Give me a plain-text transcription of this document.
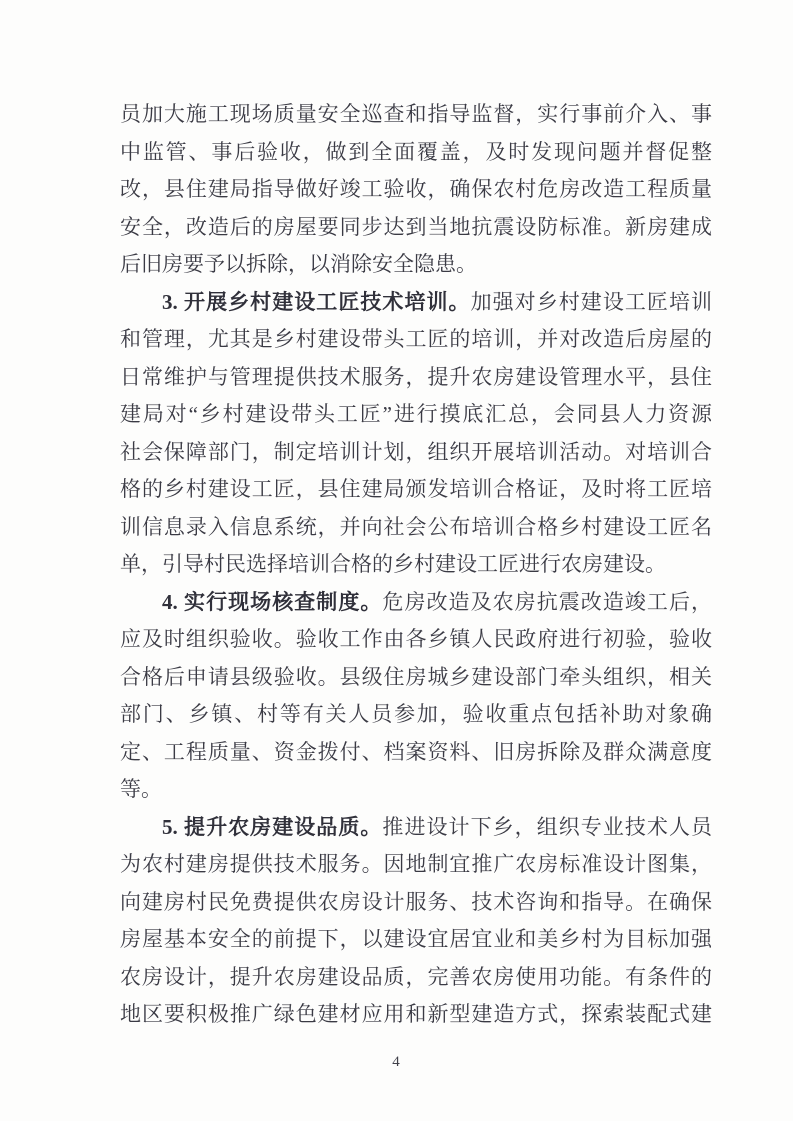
员加大施工现场质量安全巡查和指导监督，实行事前介入、事
中监管、事后验收，做到全面覆盖，及时发现问题并督促整
改，县住建局指导做好竣工验收，确保农村危房改造工程质量
安全，改造后的房屋要同步达到当地抗震设防标准。新房建成
后旧房要予以拆除，以消除安全隐患。
3. 开展乡村建设工匠技术培训。加强对乡村建设工匠培训
和管理，尤其是乡村建设带头工匠的培训，并对改造后房屋的
日常维护与管理提供技术服务，提升农房建设管理水平，县住
建局对“乡村建设带头工匠”进行摸底汇总，会同县人力资源
社会保障部门，制定培训计划，组织开展培训活动。对培训合
格的乡村建设工匠，县住建局颁发培训合格证，及时将工匠培
训信息录入信息系统，并向社会公布培训合格乡村建设工匠名
单，引导村民选择培训合格的乡村建设工匠进行农房建设。
4. 实行现场核查制度。危房改造及农房抗震改造竣工后，
应及时组织验收。验收工作由各乡镇人民政府进行初验，验收
合格后申请县级验收。县级住房城乡建设部门牵头组织，相关
部门、乡镇、村等有关人员参加，验收重点包括补助对象确
定、工程质量、资金拨付、档案资料、旧房拆除及群众满意度
等。
5. 提升农房建设品质。推进设计下乡，组织专业技术人员
为农村建房提供技术服务。因地制宜推广农房标准设计图集，
向建房村民免费提供农房设计服务、技术咨询和指导。在确保
房屋基本安全的前提下，以建设宜居宜业和美乡村为目标加强
农房设计，提升农房建设品质，完善农房使用功能。有条件的
地区要积极推广绿色建材应用和新型建造方式，探索装配式建
4
